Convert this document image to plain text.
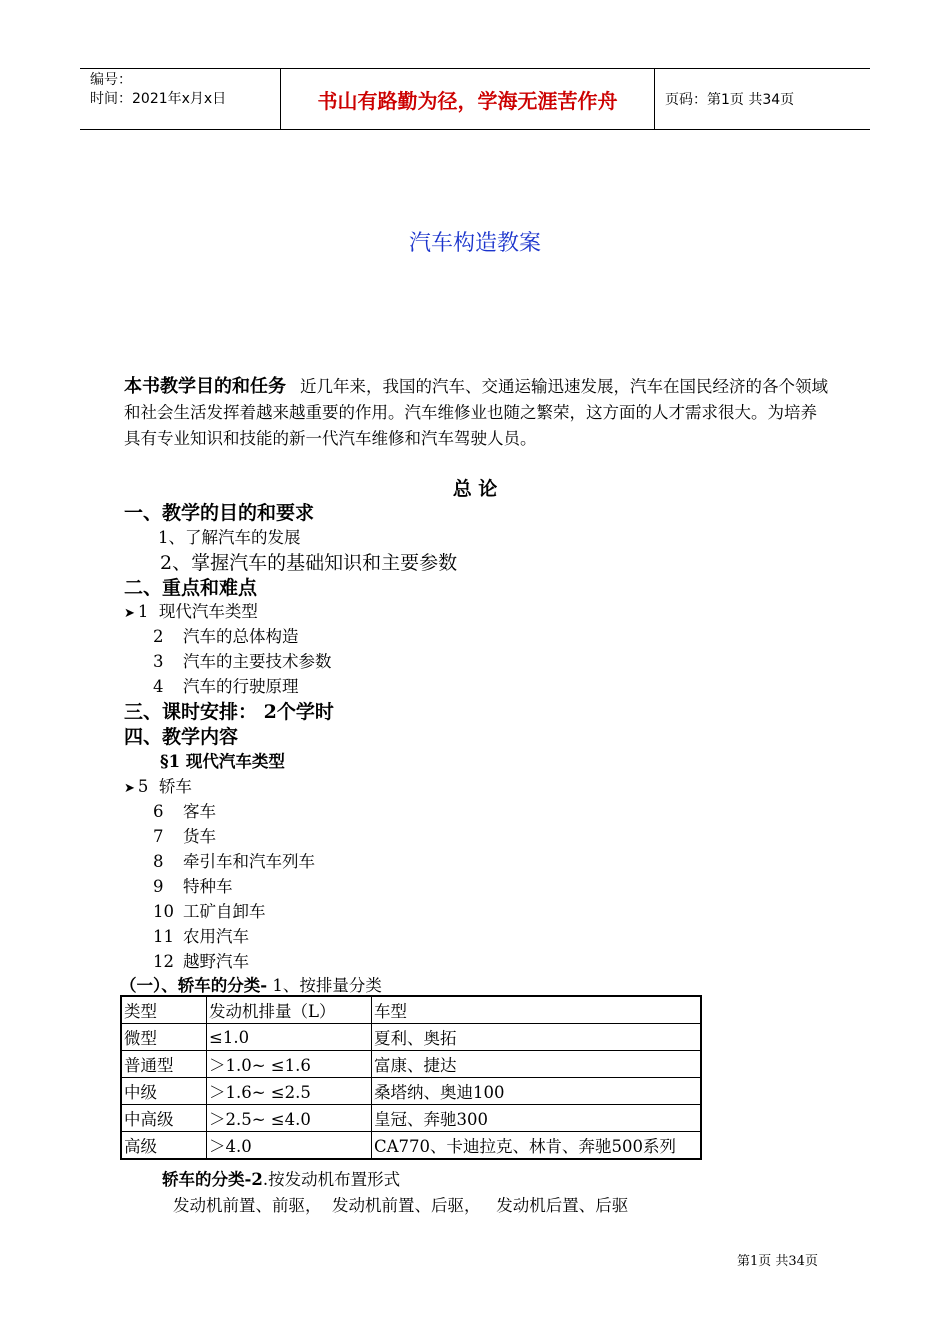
编号：
时间：2021年x月x日	书山有路勤为径，学海无涯苦作舟	页码：第1页 共34页
汽车构造教案
本书教学目的和任务 近几年来，我国的汽车、交通运输迅速发展，汽车在国民经济的各个领域和社会生活发挥着越来越重要的作用。汽车维修业也随之繁荣，这方面的人才需求很大。为培养具有专业知识和技能的新一代汽车维修和汽车驾驶人员。
总 论
一、教学的目的和要求
1、了解汽车的发展
2、掌握汽车的基础知识和主要参数
二、重点和难点
➤ 1 现代汽车类型
2 汽车的总体构造
3 汽车的主要技术参数
4 汽车的行驶原理
三、课时安排： 2个学时
四、教学内容
§1 现代汽车类型
➤ 5 轿车
6 客车
7 货车
8 牵引车和汽车列车
9 特种车
10 工矿自卸车
11 农用汽车
12 越野汽车
（一）、轿车的分类- 1、按排量分类
类型	发动机排量（L）	车型
微型	≤1.0	夏利、奥拓
普通型	＞1.0~ ≤1.6	富康、捷达
中级	＞1.6~ ≤2.5	桑塔纳、奥迪100
中高级	＞2.5~ ≤4.0	皇冠、奔驰300
高级	＞4.0	CA770、卡迪拉克、林肯、奔驰500系列
轿车的分类-2.按发动机布置形式
发动机前置、前驱，  发动机前置、后驱，   发动机后置、后驱
第1页 共34页
